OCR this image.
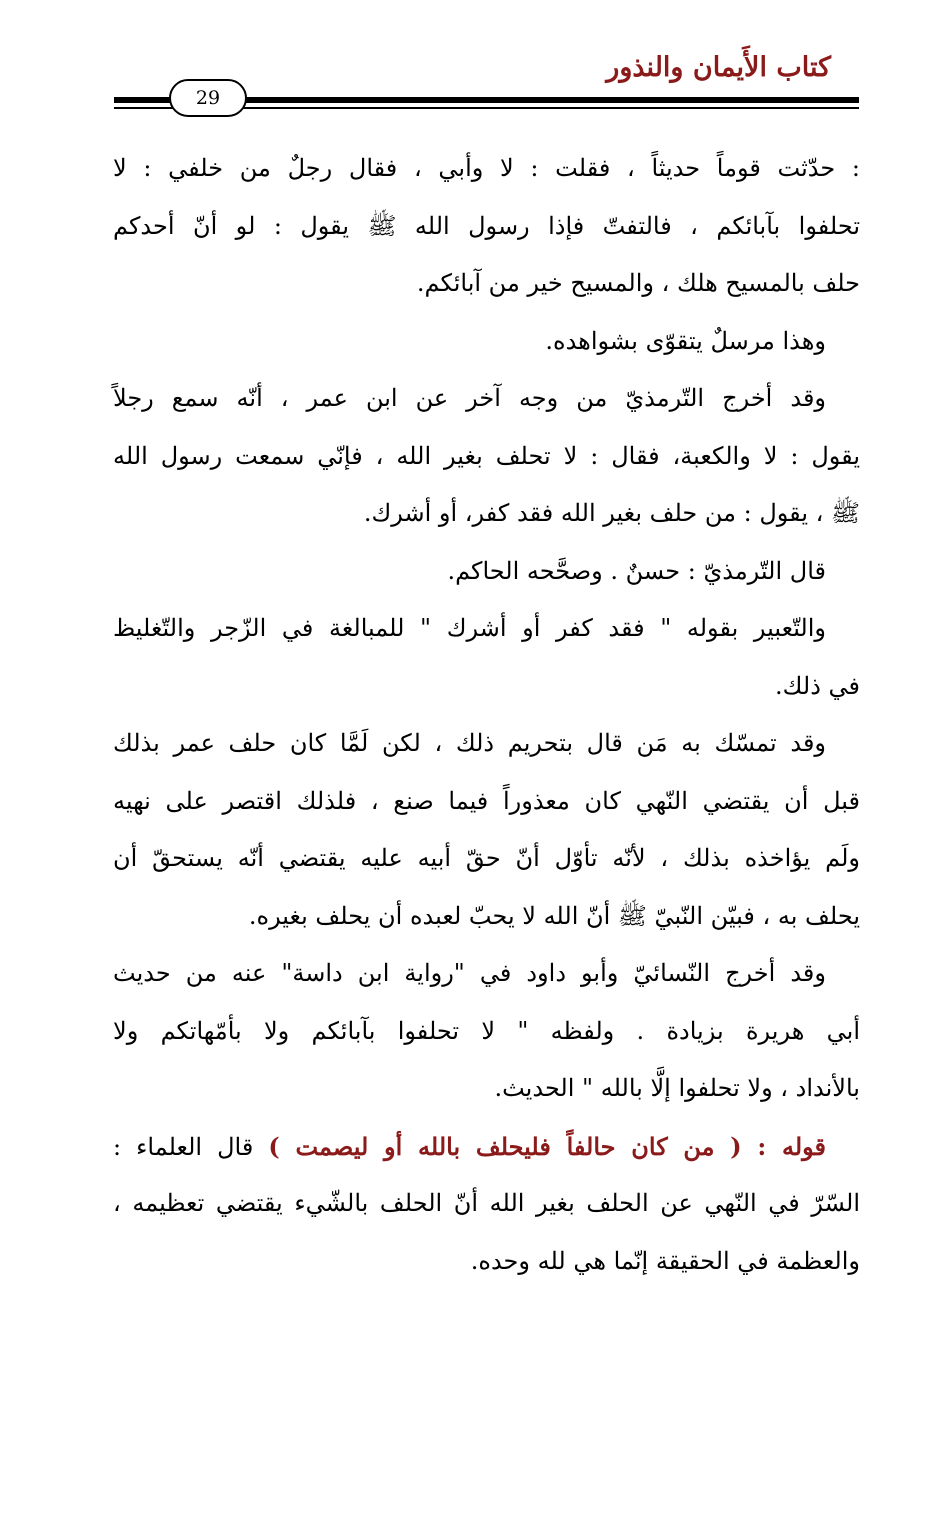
كتاب الأَيمان والنذور
29
: حدّثت قوماً حديثاً ، فقلت : لا وأبي ، فقال رجلٌ من خلفي : لا
تحلفوا بآبائكم ، فالتفتّ فإذا رسول الله ﷺ يقول : لو أنّ أحدكم
حلف بالمسيح هلك ، والمسيح خير من آبائكم.
وهذا مرسلٌ يتقوّى بشواهده.
وقد أخرج التّرمذيّ من وجه آخر عن ابن عمر ، أنّه سمع رجلاً
يقول : لا والكعبة، فقال : لا تحلف بغير الله ، فإنّي سمعت رسول الله
ﷺ ، يقول : من حلف بغير الله فقد كفر، أو أشرك.
قال التّرمذيّ : حسنٌ . وصحَّحه الحاكم.
والتّعبير بقوله " فقد كفر أو أشرك " للمبالغة في الزّجر والتّغليظ
في ذلك.
وقد تمسّك به مَن قال بتحريم ذلك ، لكن لَمَّا كان حلف عمر بذلك
قبل أن يقتضي النّهي كان معذوراً فيما صنع ، فلذلك اقتصر على نهيه
ولَم يؤاخذه بذلك ، لأنّه تأوّل أنّ حقّ أبيه عليه يقتضي أنّه يستحقّ أن
يحلف به ، فبيّن النّبيّ ﷺ أنّ الله لا يحبّ لعبده أن يحلف بغيره.
وقد أخرج النّسائيّ وأبو داود في "رواية ابن داسة" عنه من حديث
أبي هريرة بزيادة . ولفظه " لا تحلفوا بآبائكم ولا بأمّهاتكم ولا
بالأنداد ، ولا تحلفوا إلَّا بالله " الحديث.
قوله : ( من كان حالفاً فليحلف بالله أو ليصمت ) قال العلماء :
السّرّ في النّهي عن الحلف بغير الله أنّ الحلف بالشّيء يقتضي تعظيمه ،
والعظمة في الحقيقة إنّما هي لله وحده.
